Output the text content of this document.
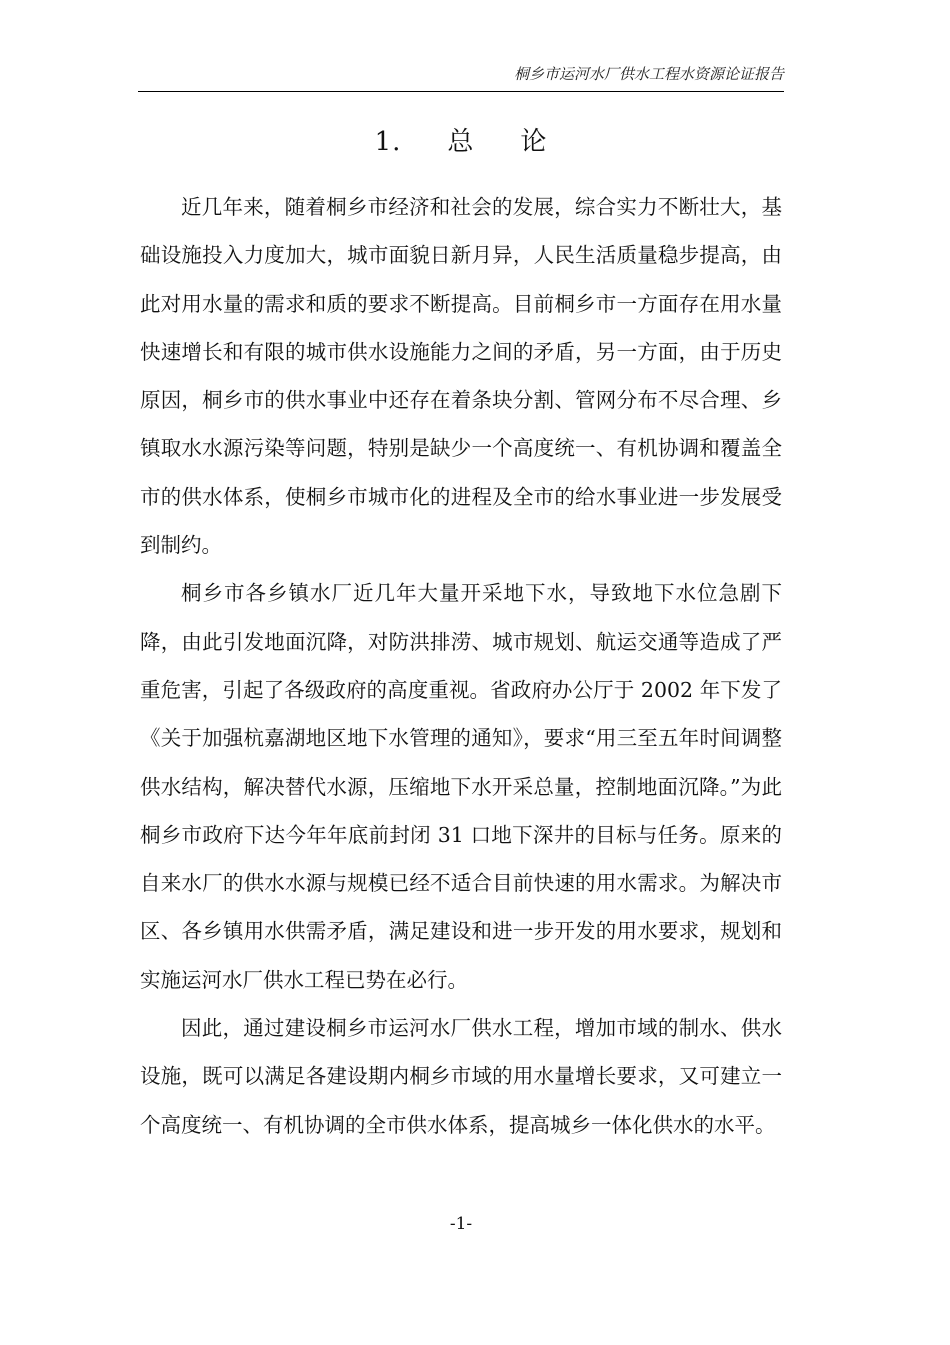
桐乡市运河水厂供水工程水资源论证报告
1. 总 论

近几年来，随着桐乡市经济和社会的发展，综合实力不断壮大，基础设施投入力度加大，城市面貌日新月异，人民生活质量稳步提高，由此对用水量的需求和质的要求不断提高。目前桐乡市一方面存在用水量快速增长和有限的城市供水设施能力之间的矛盾，另一方面，由于历史原因，桐乡市的供水事业中还存在着条块分割、管网分布不尽合理、乡镇取水水源污染等问题，特别是缺少一个高度统一、有机协调和覆盖全市的供水体系，使桐乡市城市化的进程及全市的给水事业进一步发展受到制约。

桐乡市各乡镇水厂近几年大量开采地下水，导致地下水位急剧下降，由此引发地面沉降，对防洪排涝、城市规划、航运交通等造成了严重危害，引起了各级政府的高度重视。省政府办公厅于 2002 年下发了《关于加强杭嘉湖地区地下水管理的通知》，要求“用三至五年时间调整供水结构，解决替代水源，压缩地下水开采总量，控制地面沉降。”为此桐乡市政府下达今年年底前封闭 31 口地下深井的目标与任务。原来的自来水厂的供水水源与规模已经不适合目前快速的用水需求。为解决市区、各乡镇用水供需矛盾，满足建设和进一步开发的用水要求，规划和实施运河水厂供水工程已势在必行。

因此，通过建设桐乡市运河水厂供水工程，增加市域的制水、供水设施，既可以满足各建设期内桐乡市域的用水量增长要求，又可建立一个高度统一、有机协调的全市供水体系，提高城乡一体化供水的水平。

-1-
